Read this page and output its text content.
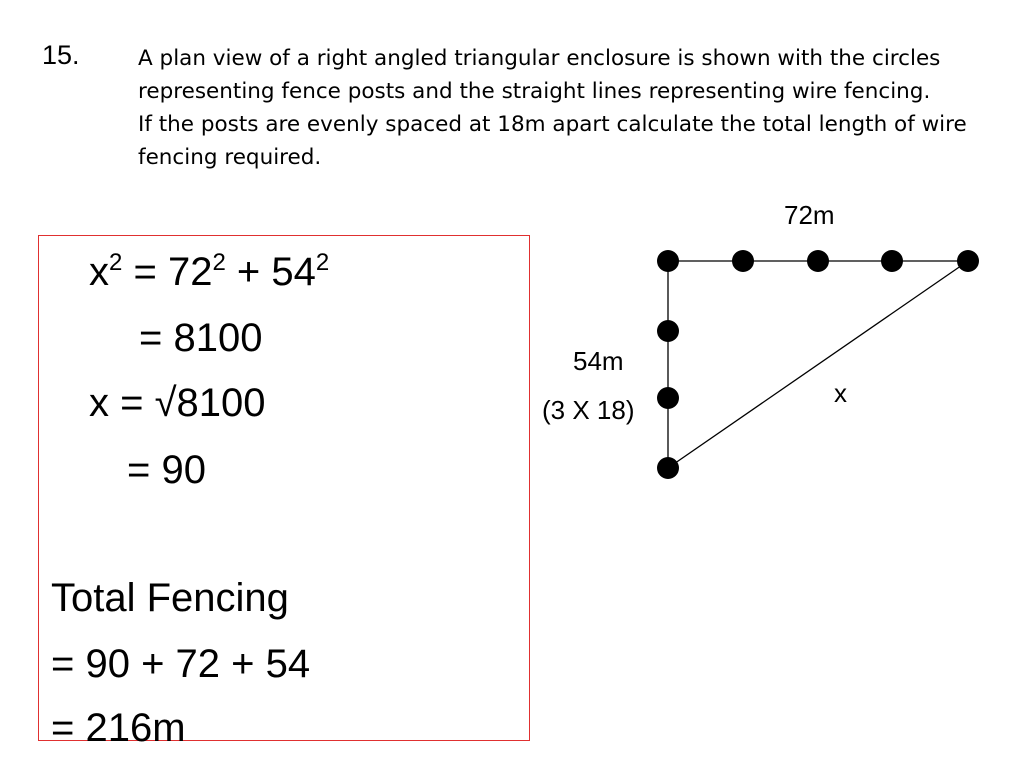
15.	A plan view of a right angled triangular enclosure is shown with the circles representing fence posts and the straight lines representing wire fencing.

If the posts are evenly spaced at 18m apart calculate the total length of wire fencing required.

$x^2 = 72^2 + 54^2$
= 8100
x = √8100
= 90
Total Fencing
= 90 + 72 + 54
= 216m
72m
54m
(3 X 18)
x
